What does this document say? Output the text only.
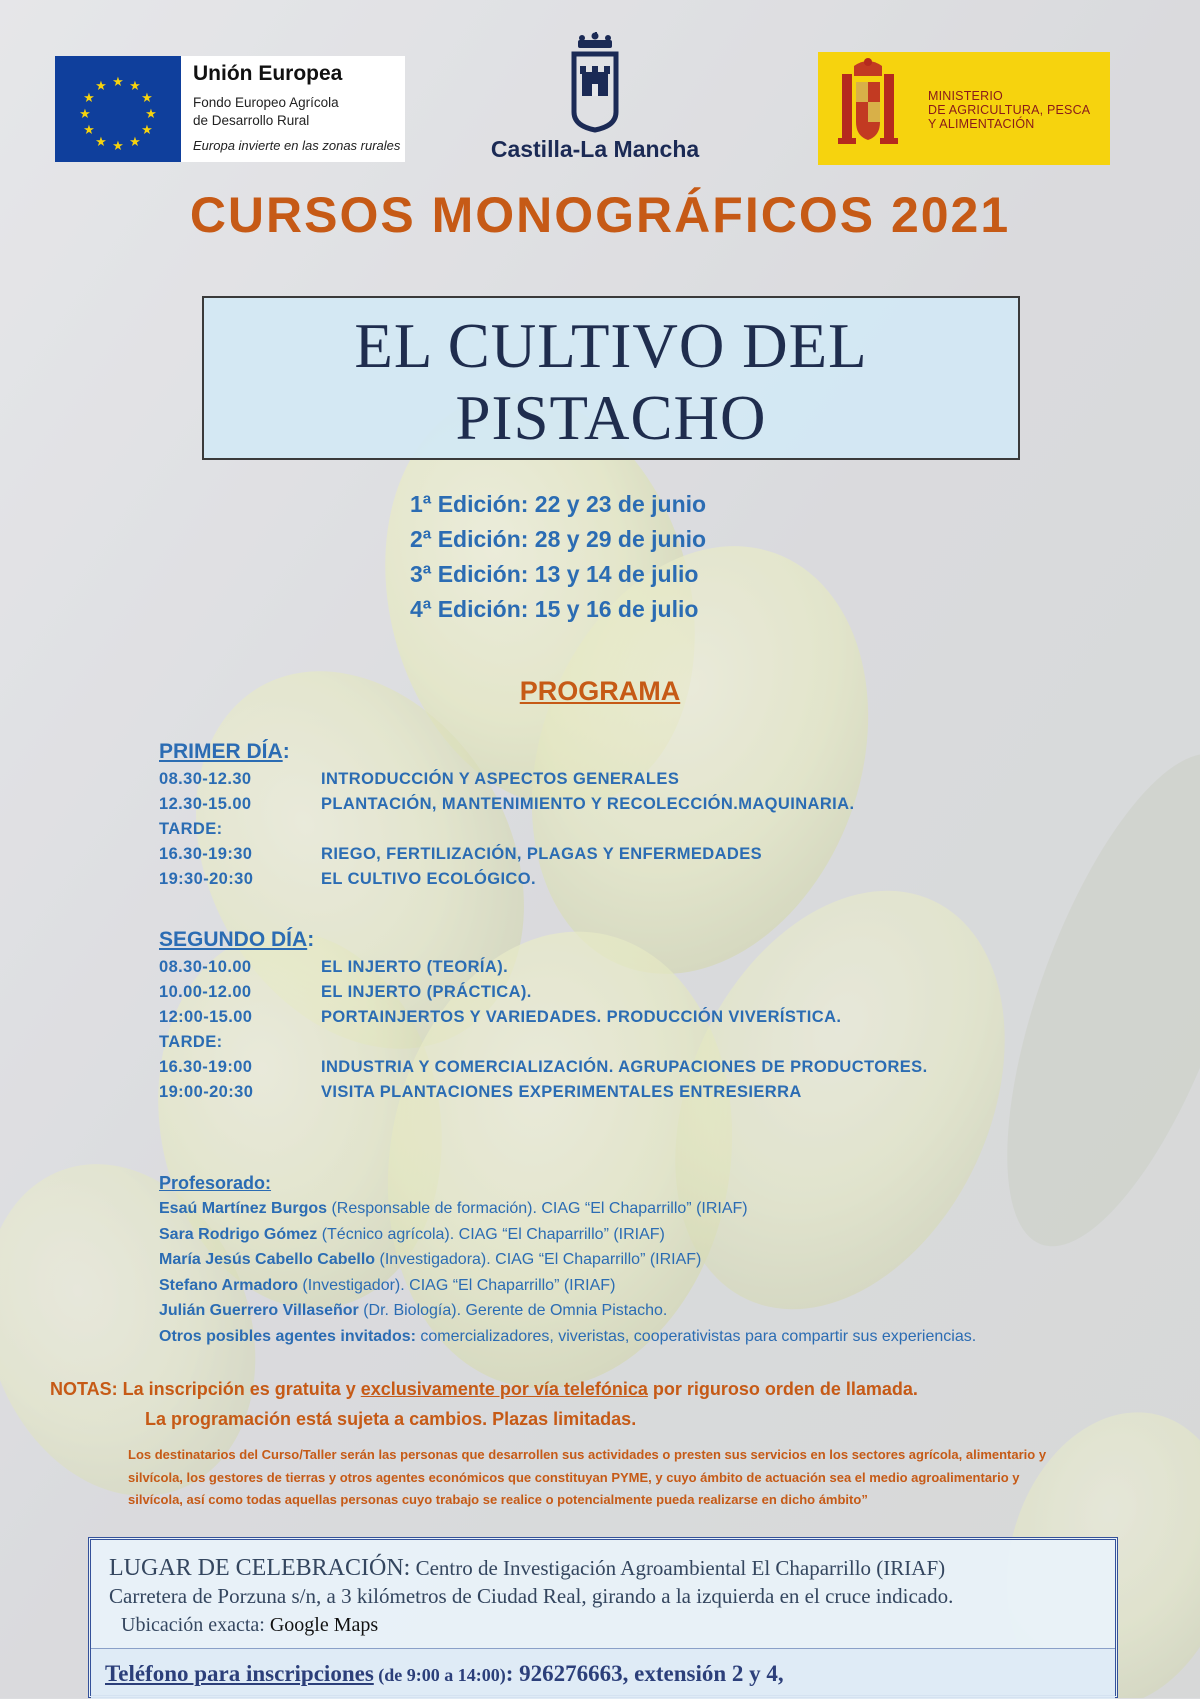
★ ★
★
★
★
★
★
★
★
★
★
★
Unión Europea
Fondo Europeo Agrícola
de Desarrollo Rural
Europa invierte en las zonas rurales	Castilla-La Mancha
MINISTERIO
DE AGRICULTURA, PESCA
Y ALIMENTACIÓN
CURSOS MONOGRÁFICOS 2021
EL CULTIVO DEL
PISTACHO
1ª Edición: 22 y 23 de junio
2ª Edición: 28 y 29 de junio
3ª Edición: 13 y 14 de julio
4ª Edición: 15 y 16 de julio
PROGRAMA
PRIMER DÍA:
08.30-12.30	INTRODUCCIÓN Y ASPECTOS GENERALES
12.30-15.00	PLANTACIÓN, MANTENIMIENTO Y RECOLECCIÓN.MAQUINARIA.
TARDE:
16.30-19:30	RIEGO, FERTILIZACIÓN, PLAGAS Y ENFERMEDADES
19:30-20:30	EL CULTIVO ECOLÓGICO.
SEGUNDO DÍA:
08.30-10.00	EL INJERTO (TEORÍA).
10.00-12.00	EL INJERTO (PRÁCTICA).
12:00-15.00	PORTAINJERTOS Y VARIEDADES. PRODUCCIÓN VIVERÍSTICA.
TARDE:
16.30-19:00	INDUSTRIA Y COMERCIALIZACIÓN. AGRUPACIONES DE PRODUCTORES.
19:00-20:30	VISITA PLANTACIONES EXPERIMENTALES ENTRESIERRA
Profesorado:
Esaú Martínez Burgos (Responsable de formación). CIAG “El Chaparrillo” (IRIAF)
Sara Rodrigo Gómez (Técnico agrícola). CIAG “El Chaparrillo” (IRIAF)
María Jesús Cabello Cabello (Investigadora). CIAG “El Chaparrillo” (IRIAF)
Stefano Armadoro (Investigador). CIAG “El Chaparrillo” (IRIAF)
Julián Guerrero Villaseñor (Dr. Biología). Gerente de Omnia Pistacho.
Otros posibles agentes invitados: comercializadores, viveristas, cooperativistas para compartir sus experiencias.
NOTAS: La inscripción es gratuita y exclusivamente por vía telefónica por riguroso orden de llamada.
La programación está sujeta a cambios. Plazas limitadas.
Los destinatarios del Curso/Taller serán las personas que desarrollen sus actividades o presten sus servicios en los sectores agrícola, alimentario y silvícola, los gestores de tierras y otros agentes económicos que constituyan PYME, y cuyo ámbito de actuación sea el medio agroalimentario y silvícola, así como todas aquellas personas cuyo trabajo se realice o potencialmente pueda realizarse en dicho ámbito”
LUGAR DE CELEBRACIÓN: Centro de Investigación Agroambiental El Chaparrillo (IRIAF)
Carretera de Porzuna s/n, a 3 kilómetros de Ciudad Real, girando a la izquierda en el cruce indicado.
Ubicación exacta: Google Maps
Teléfono para inscripciones (de 9:00 a 14:00): 926276663, extensión 2 y 4,
